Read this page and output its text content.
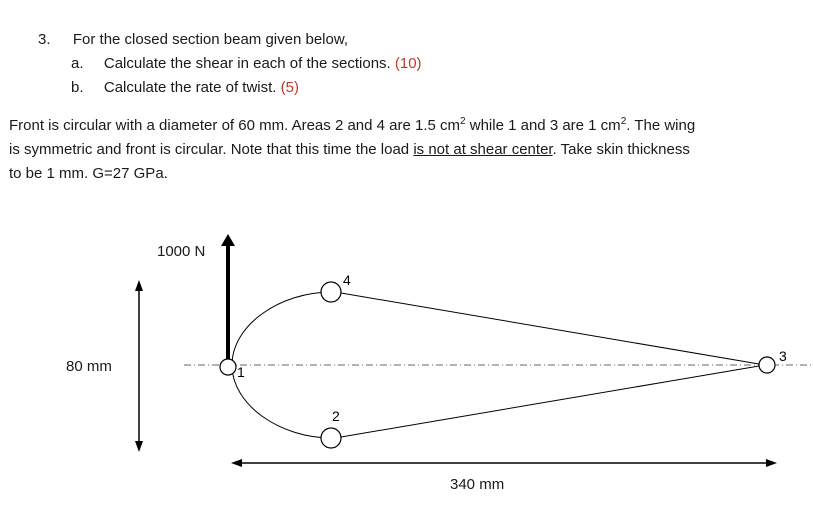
3. For the closed section beam given below,
a. Calculate the shear in each of the sections. (10)
b. Calculate the rate of twist. (5)
Front is circular with a diameter of 60 mm. Areas 2 and 4 are 1.5 $cm^2$ while 1 and 3 are 1 $cm^2$. The wing
is symmetric and front is circular. Note that this time the load is not at shear center. Take skin thickness
to be 1 mm. G=27 GPa.
1
2
3
4
1000 N
80 mm
340 mm
